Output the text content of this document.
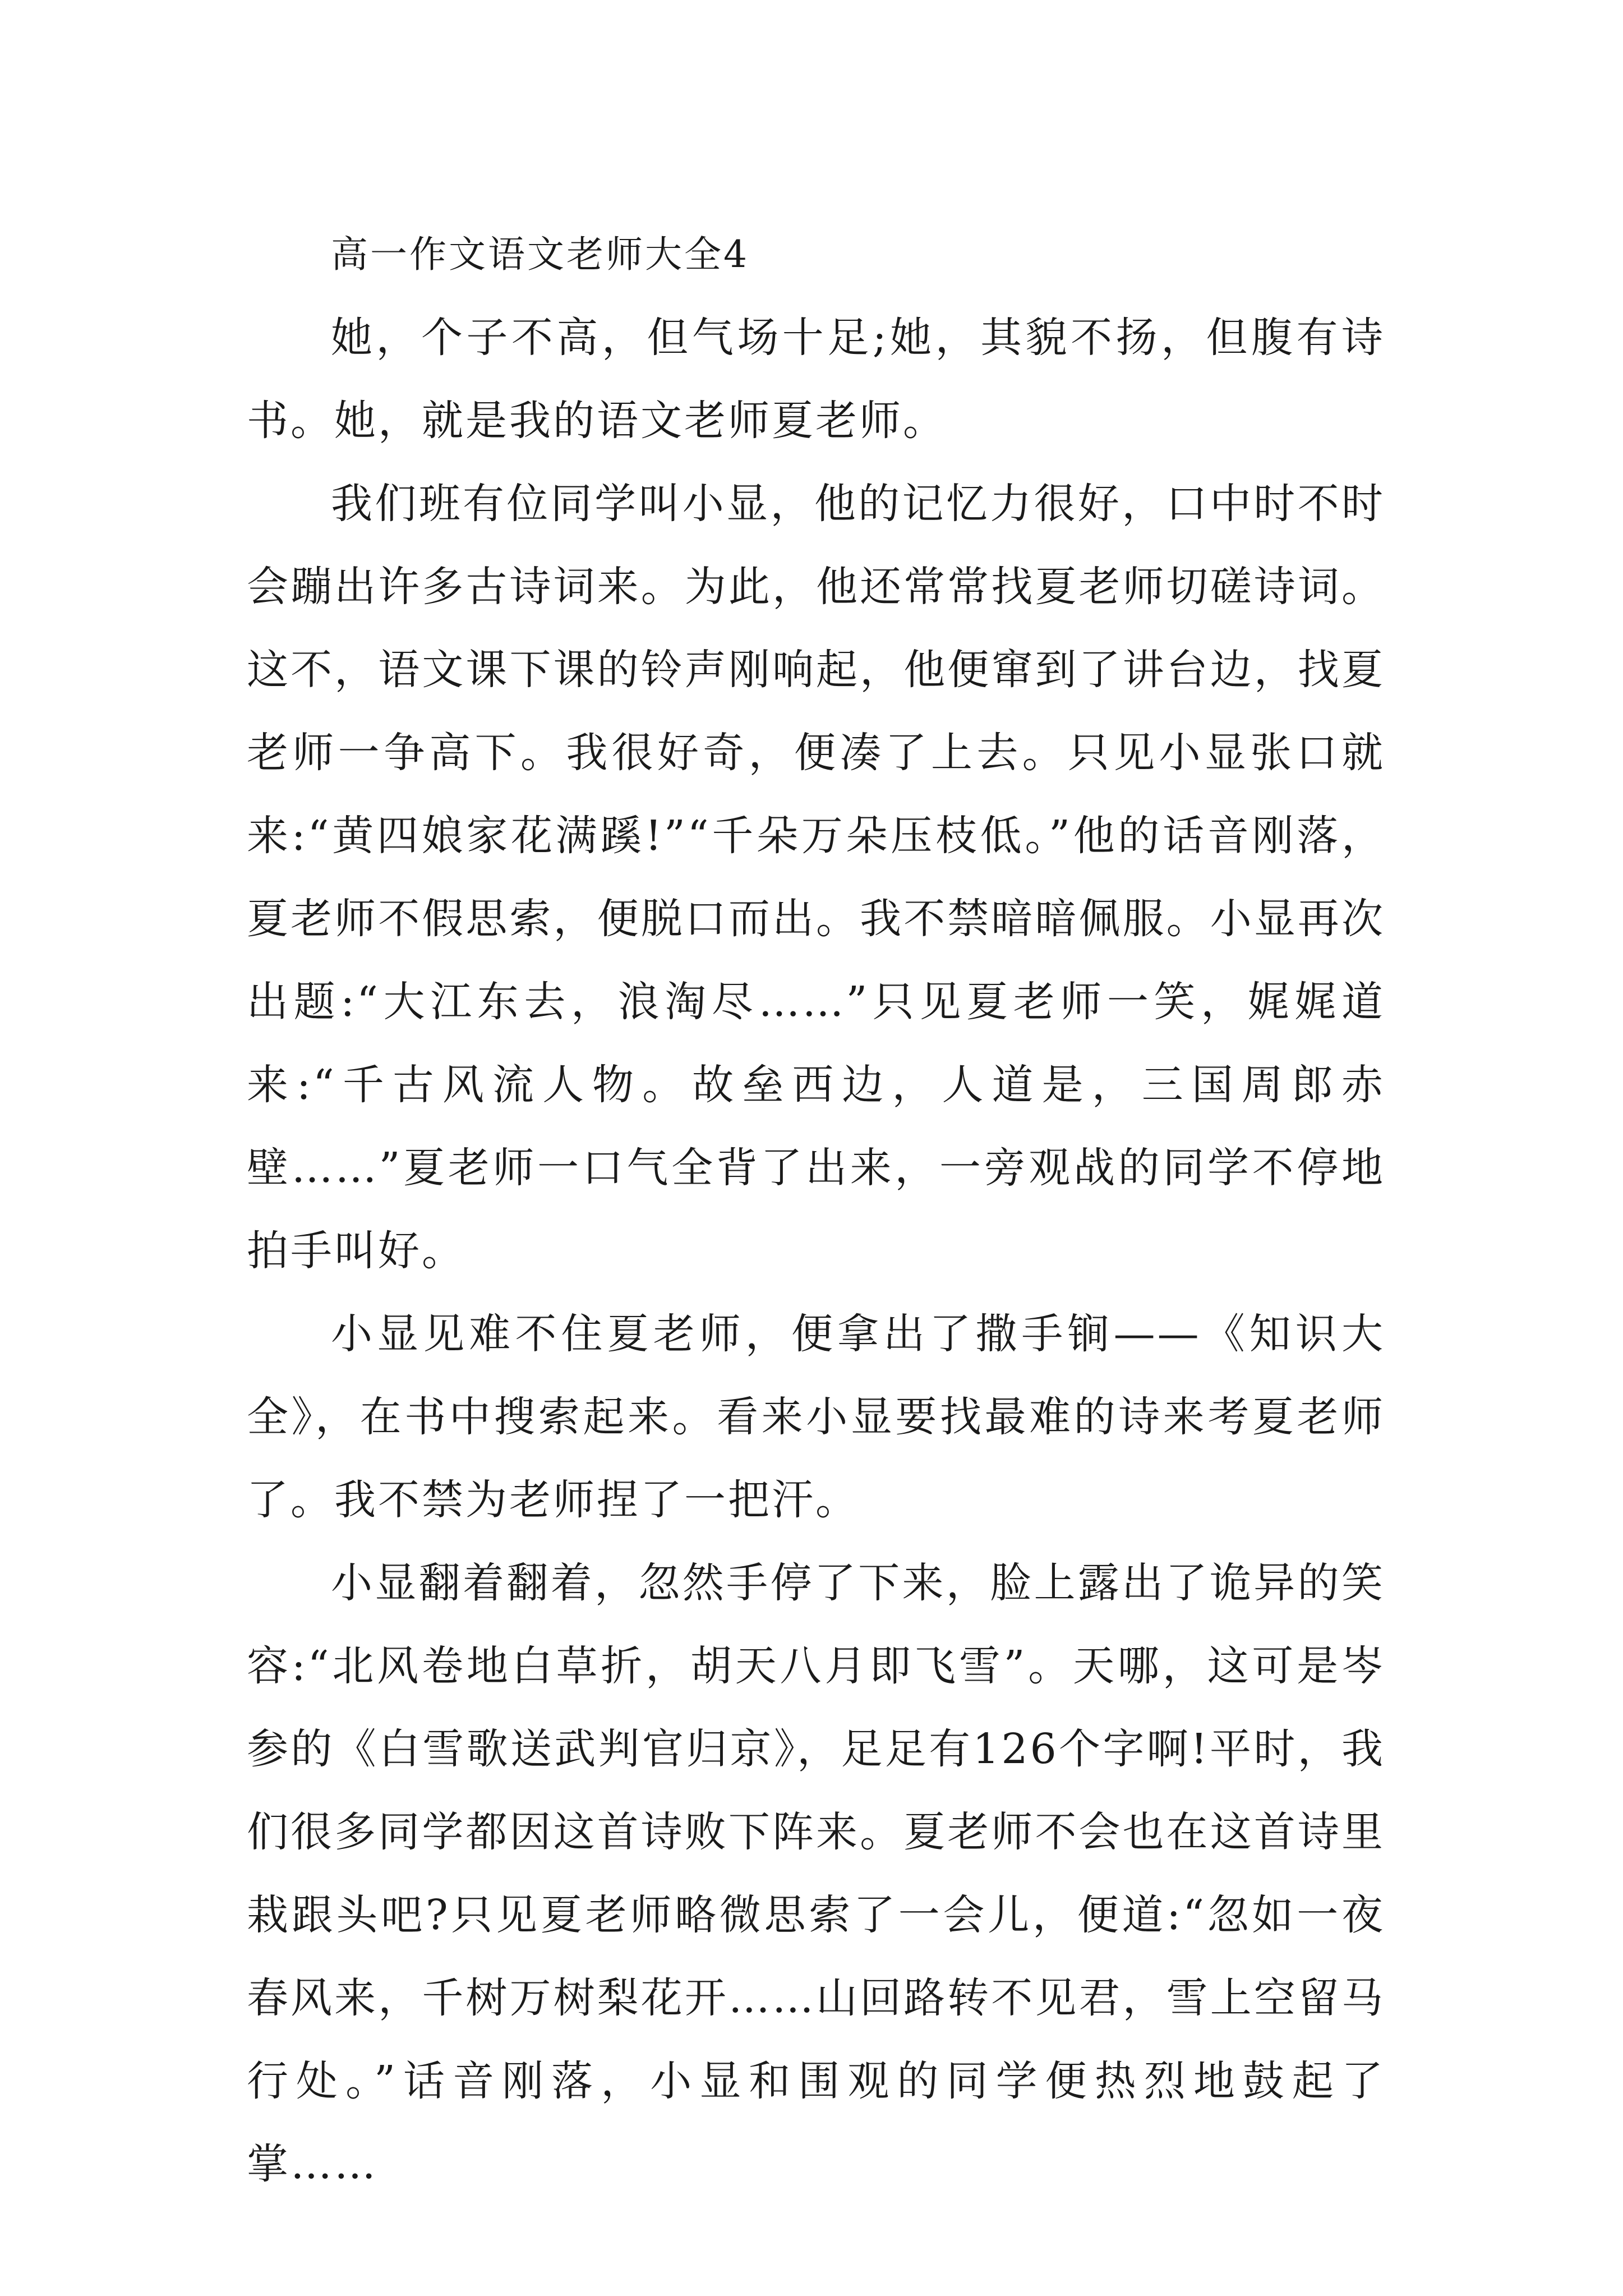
高一作文语文老师大全4

她，个子不高，但气场十足;她，其貌不扬，但腹有诗书。她，就是我的语文老师夏老师。

我们班有位同学叫小显，他的记忆力很好，口中时不时会蹦出许多古诗词来。为此，他还常常找夏老师切磋诗词。这不，语文课下课的铃声刚响起，他便窜到了讲台边，找夏老师一争高下。我很好奇，便凑了上去。只见小显张口就来:“黄四娘家花满蹊!”“千朵万朵压枝低。”他的话音刚落，夏老师不假思索，便脱口而出。我不禁暗暗佩服。小显再次出题:“大江东去，浪淘尽……”只见夏老师一笑，娓娓道来:“千古风流人物。故垒西边，人道是，三国周郎赤壁……”夏老师一口气全背了出来，一旁观战的同学不停地拍手叫好。

小显见难不住夏老师，便拿出了撒手锏——《知识大全》，在书中搜索起来。看来小显要找最难的诗来考夏老师了。我不禁为老师捏了一把汗。

小显翻着翻着，忽然手停了下来，脸上露出了诡异的笑容:“北风卷地白草折，胡天八月即飞雪”。天哪，这可是岑参的《白雪歌送武判官归京》，足足有126个字啊!平时，我们很多同学都因这首诗败下阵来。夏老师不会也在这首诗里栽跟头吧?只见夏老师略微思索了一会儿，便道:“忽如一夜春风来，千树万树梨花开……山回路转不见君，雪上空留马行处。”话音刚落，小显和围观的同学便热烈地鼓起了掌……
